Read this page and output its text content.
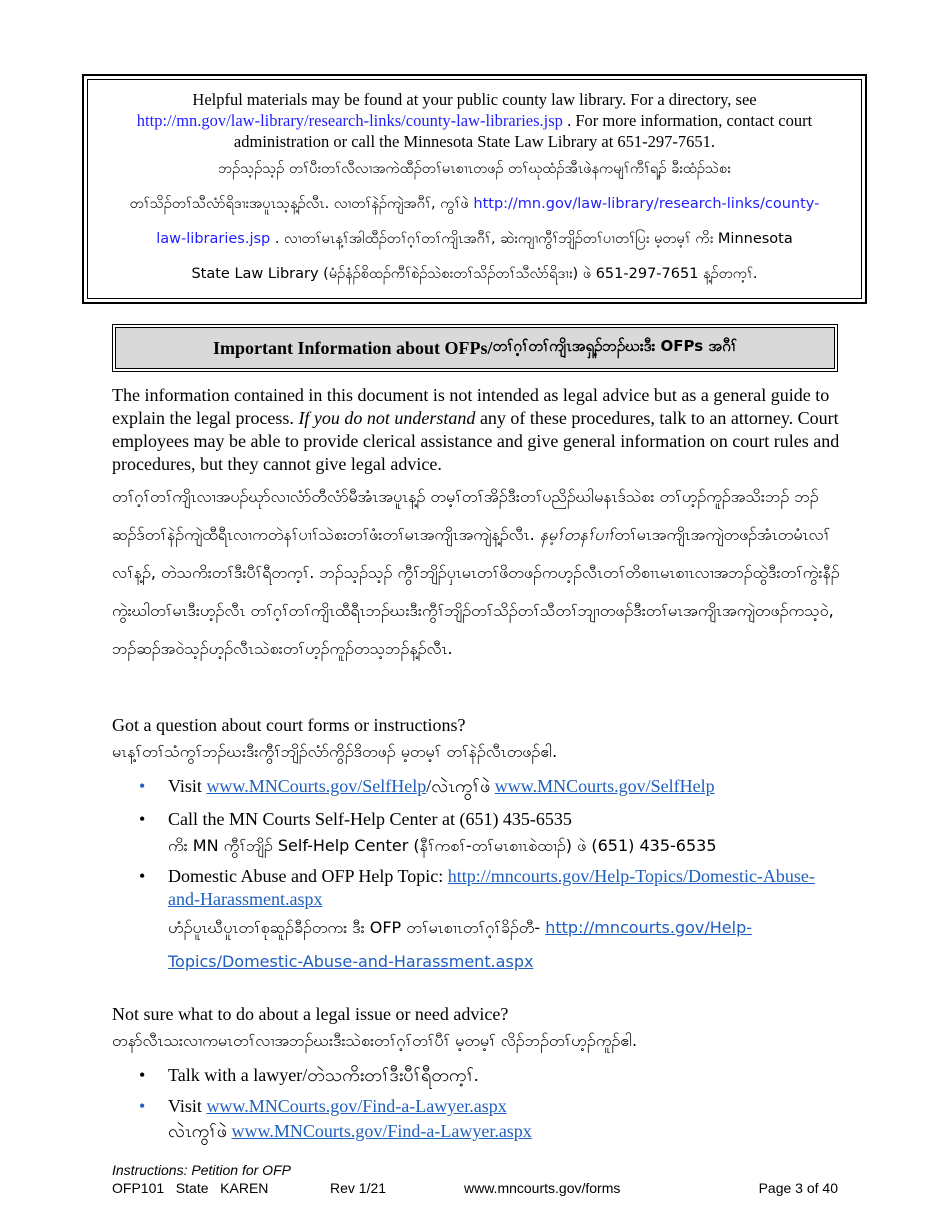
Helpful materials may be found at your public county law library. For a directory, see

http://mn.gov/law-library/research-links/county-law-libraries.jsp . For more information, contact court

administration or call the Minnesota State Law Library at 651-297-7651.

ဘၣ်သ့ၣ်သ့ၣ် တၢ်ပီးတၢ်လီလၢအကဲထီၣ်တၢ်မၤစၢၤတဖၣ် တၢ်ဃုထံၣ်အီၤဖဲနကမျၢ်ကီၢ်ရ့ၣ် ခီးထံၣ်သဲစး

တၢ်သိၣ်တၢ်သီလံာ်ရိဒၢးအပူၤသ့န့ၣ်လီၤ. လၢတၢ်နဲၣ်ကျဲအဂီၢ်, ကွၢ်ဖဲ http://mn.gov/law-library/research-links/county-

law-libraries.jsp . လၢတၢ်မၤန့ၢ်အါထီၣ်တၢ်ဂ့ၢ်တၢ်ကျိၤအဂီၢ်, ဆဲးကျၢကွီၢ်ဘျိၣ်တၢ်ပၢတၢ်ပြး မ့တမ့ၢ် ကိး Minnesota

State Law Library (မံၣ်နံၣ်စိထၣ်ကီၢ်စဲၣ်သဲစးတၢ်သိၣ်တၢ်သီလံာ်ရိဒၢး) ဖဲ 651-297-7651 န့ၣ်တက့ၢ်.

Important Information about OFPs/ တၢ်ဂ့ၢ်တၢ်ကျိၤအရှ့ၣ်ဘၣ်ဃးဒီး OFPs အဂီၢ်

The information contained in this document is not intended as legal advice but as a general guide to explain the legal process. If you do not understand any of these procedures, talk to an attorney. Court employees may be able to provide clerical assistance and give general information on court rules and procedures, but they cannot give legal advice.

တၢ်ဂ့ၢ်တၢ်ကျိၤလၢအပၣ်ဃုာ်လၢလံာ်တီလံာ်မီအံၤအပူၤန့ၣ် တမ့ၢ်တၢ်အိၣ်ဒီးတၢ်ပညိၣ်ဃါမနၤဒ်သဲစး တၢ်ဟ့ၣ်ကူၣ်အသိးဘၣ် ဘၣ်ဆၣ်ဒ်တၢ်နဲၣ်ကျဲထီရီၤလၢကတဲနၢ်ပၢၢ်သဲစးတၢ်ဖံးတၢ်မၤအကျိၤအကျဲန့ၣ်လီၤ. နမ့ၢ်တနၢ်ပၢၢ်တၢ်မၤအကျိၤအကျဲတဖၣ်အံၤတမံၤလၢ်လၢ်န့ၣ်, တဲသကိးတၢ်ဒီးပီၢ်ရီတက့ၢ်. ဘၣ်သ့ၣ်သ့ၣ် ကွီၢ်ဘျိၣ်ပှၤမၤတၢ်ဖိတဖၣ်ကဟ့ၣ်လီၤတၢ်တိစၢၤမၤစၢၤလၢအဘၣ်ထွဲဒီးတၢ်ကွဲးနီၣ်ကွဲးဃါတၢ်မၤဒီးဟ့ၣ်လီၤ တၢ်ဂ့ၢ်တၢ်ကျိၤထီရီၤဘၣ်ဃးဒီးကွီၢ်ဘျိၣ်တၢ်သိၣ်တၢ်သီတၢ်ဘျၢတဖၣ်ဒီးတၢ်မၤအကျိၤအကျဲတဖၣ်ကသ့ဝဲ, ဘၣ်ဆၣ်အဝဲသ့ၣ်ဟ့ၣ်လီၤသဲစးတၢ်ဟ့ၣ်ကူၣ်တသ့ဘၣ်န့ၣ်လီၤ.

Got a question about court forms or instructions?

မၤန့ၢ်တၢ်သံကွၢ်ဘၣ်ဃးဒီးကွီၢ်ဘျိၣ်လံာ်ကွိၣ်ဒိတဖၣ် မ့တမ့ၢ် တၢ်နဲၣ်လီၤတဖၣ်ဧါ.

• Visit www.MNCourts.gov/SelfHelp/လဲၤကွၢ်ဖဲ www.MNCourts.gov/SelfHelp

• Call the MN Courts Self-Help Center at (651) 435-6535

ကိး MN ကွီၢ်ဘျိၣ် Self-Help Center (နီၢ်ကစၢ်-တၢ်မၤစၢၤစဲထၢၣ်) ဖဲ (651) 435-6535

• Domestic Abuse and OFP Help Topic: http://mncourts.gov/Help-Topics/Domestic-Abuse-
and-Harassment.aspx

ဟံၣ်ပူၤဃီပူၤတၢ်စုဆူၣ်ခီၣ်တကး ဒီး OFP တၢ်မၤစၢၤတၢ်ဂ့ၢ်ခိၣ်တီ- http://mncourts.gov/Help-
Topics/Domestic-Abuse-and-Harassment.aspx

Not sure what to do about a legal issue or need advice?

တနာ်လီၤသးလၢကမၤတၢ်လၢအဘၣ်ဃးဒီးသဲစးတၢ်ဂ့ၢ်တၢ်ပီၢ် မ့တမ့ၢ် လိၣ်ဘၣ်တၢ်ဟ့ၣ်ကူၣ်ဧါ.

• Talk with a lawyer/တဲသကိးတၢ်ဒီးပီၢ်ရီတက့ၢ်.

• Visit www.MNCourts.gov/Find-a-Lawyer.aspx

လဲၤကွၢ်ဖဲ www.MNCourts.gov/Find-a-Lawyer.aspx

Instructions: Petition for OFP
OFP101   State   KAREN	Rev 1/21	www.mncourts.gov/forms	Page 3 of 40
